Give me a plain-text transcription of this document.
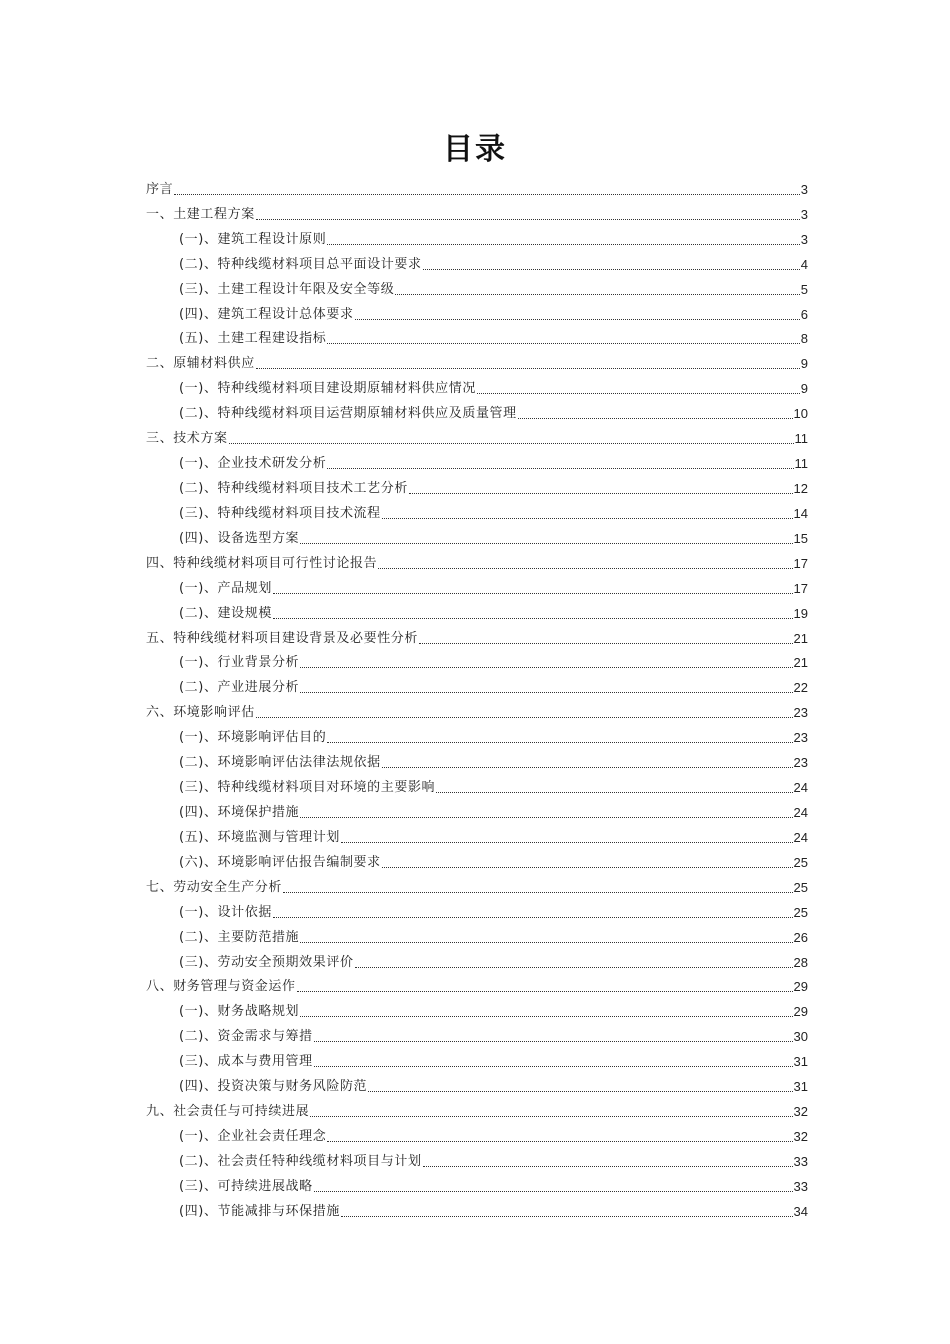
目录
序言	3
一、土建工程方案	3
(一)、建筑工程设计原则	3
(二)、特种线缆材料项目总平面设计要求	4
(三)、土建工程设计年限及安全等级	5
(四)、建筑工程设计总体要求	6
(五)、土建工程建设指标	8
二、原辅材料供应	9
(一)、特种线缆材料项目建设期原辅材料供应情况	9
(二)、特种线缆材料项目运营期原辅材料供应及质量管理	10
三、技术方案	11
(一)、企业技术研发分析	11
(二)、特种线缆材料项目技术工艺分析	12
(三)、特种线缆材料项目技术流程	14
(四)、设备选型方案	15
四、特种线缆材料项目可行性讨论报告	17
(一)、产品规划	17
(二)、建设规模	19
五、特种线缆材料项目建设背景及必要性分析	21
(一)、行业背景分析	21
(二)、产业进展分析	22
六、环境影响评估	23
(一)、环境影响评估目的	23
(二)、环境影响评估法律法规依据	23
(三)、特种线缆材料项目对环境的主要影响	24
(四)、环境保护措施	24
(五)、环境监测与管理计划	24
(六)、环境影响评估报告编制要求	25
七、劳动安全生产分析	25
(一)、设计依据	25
(二)、主要防范措施	26
(三)、劳动安全预期效果评价	28
八、财务管理与资金运作	29
(一)、财务战略规划	29
(二)、资金需求与筹措	30
(三)、成本与费用管理	31
(四)、投资决策与财务风险防范	31
九、社会责任与可持续进展	32
(一)、企业社会责任理念	32
(二)、社会责任特种线缆材料项目与计划	33
(三)、可持续进展战略	33
(四)、节能减排与环保措施	34
